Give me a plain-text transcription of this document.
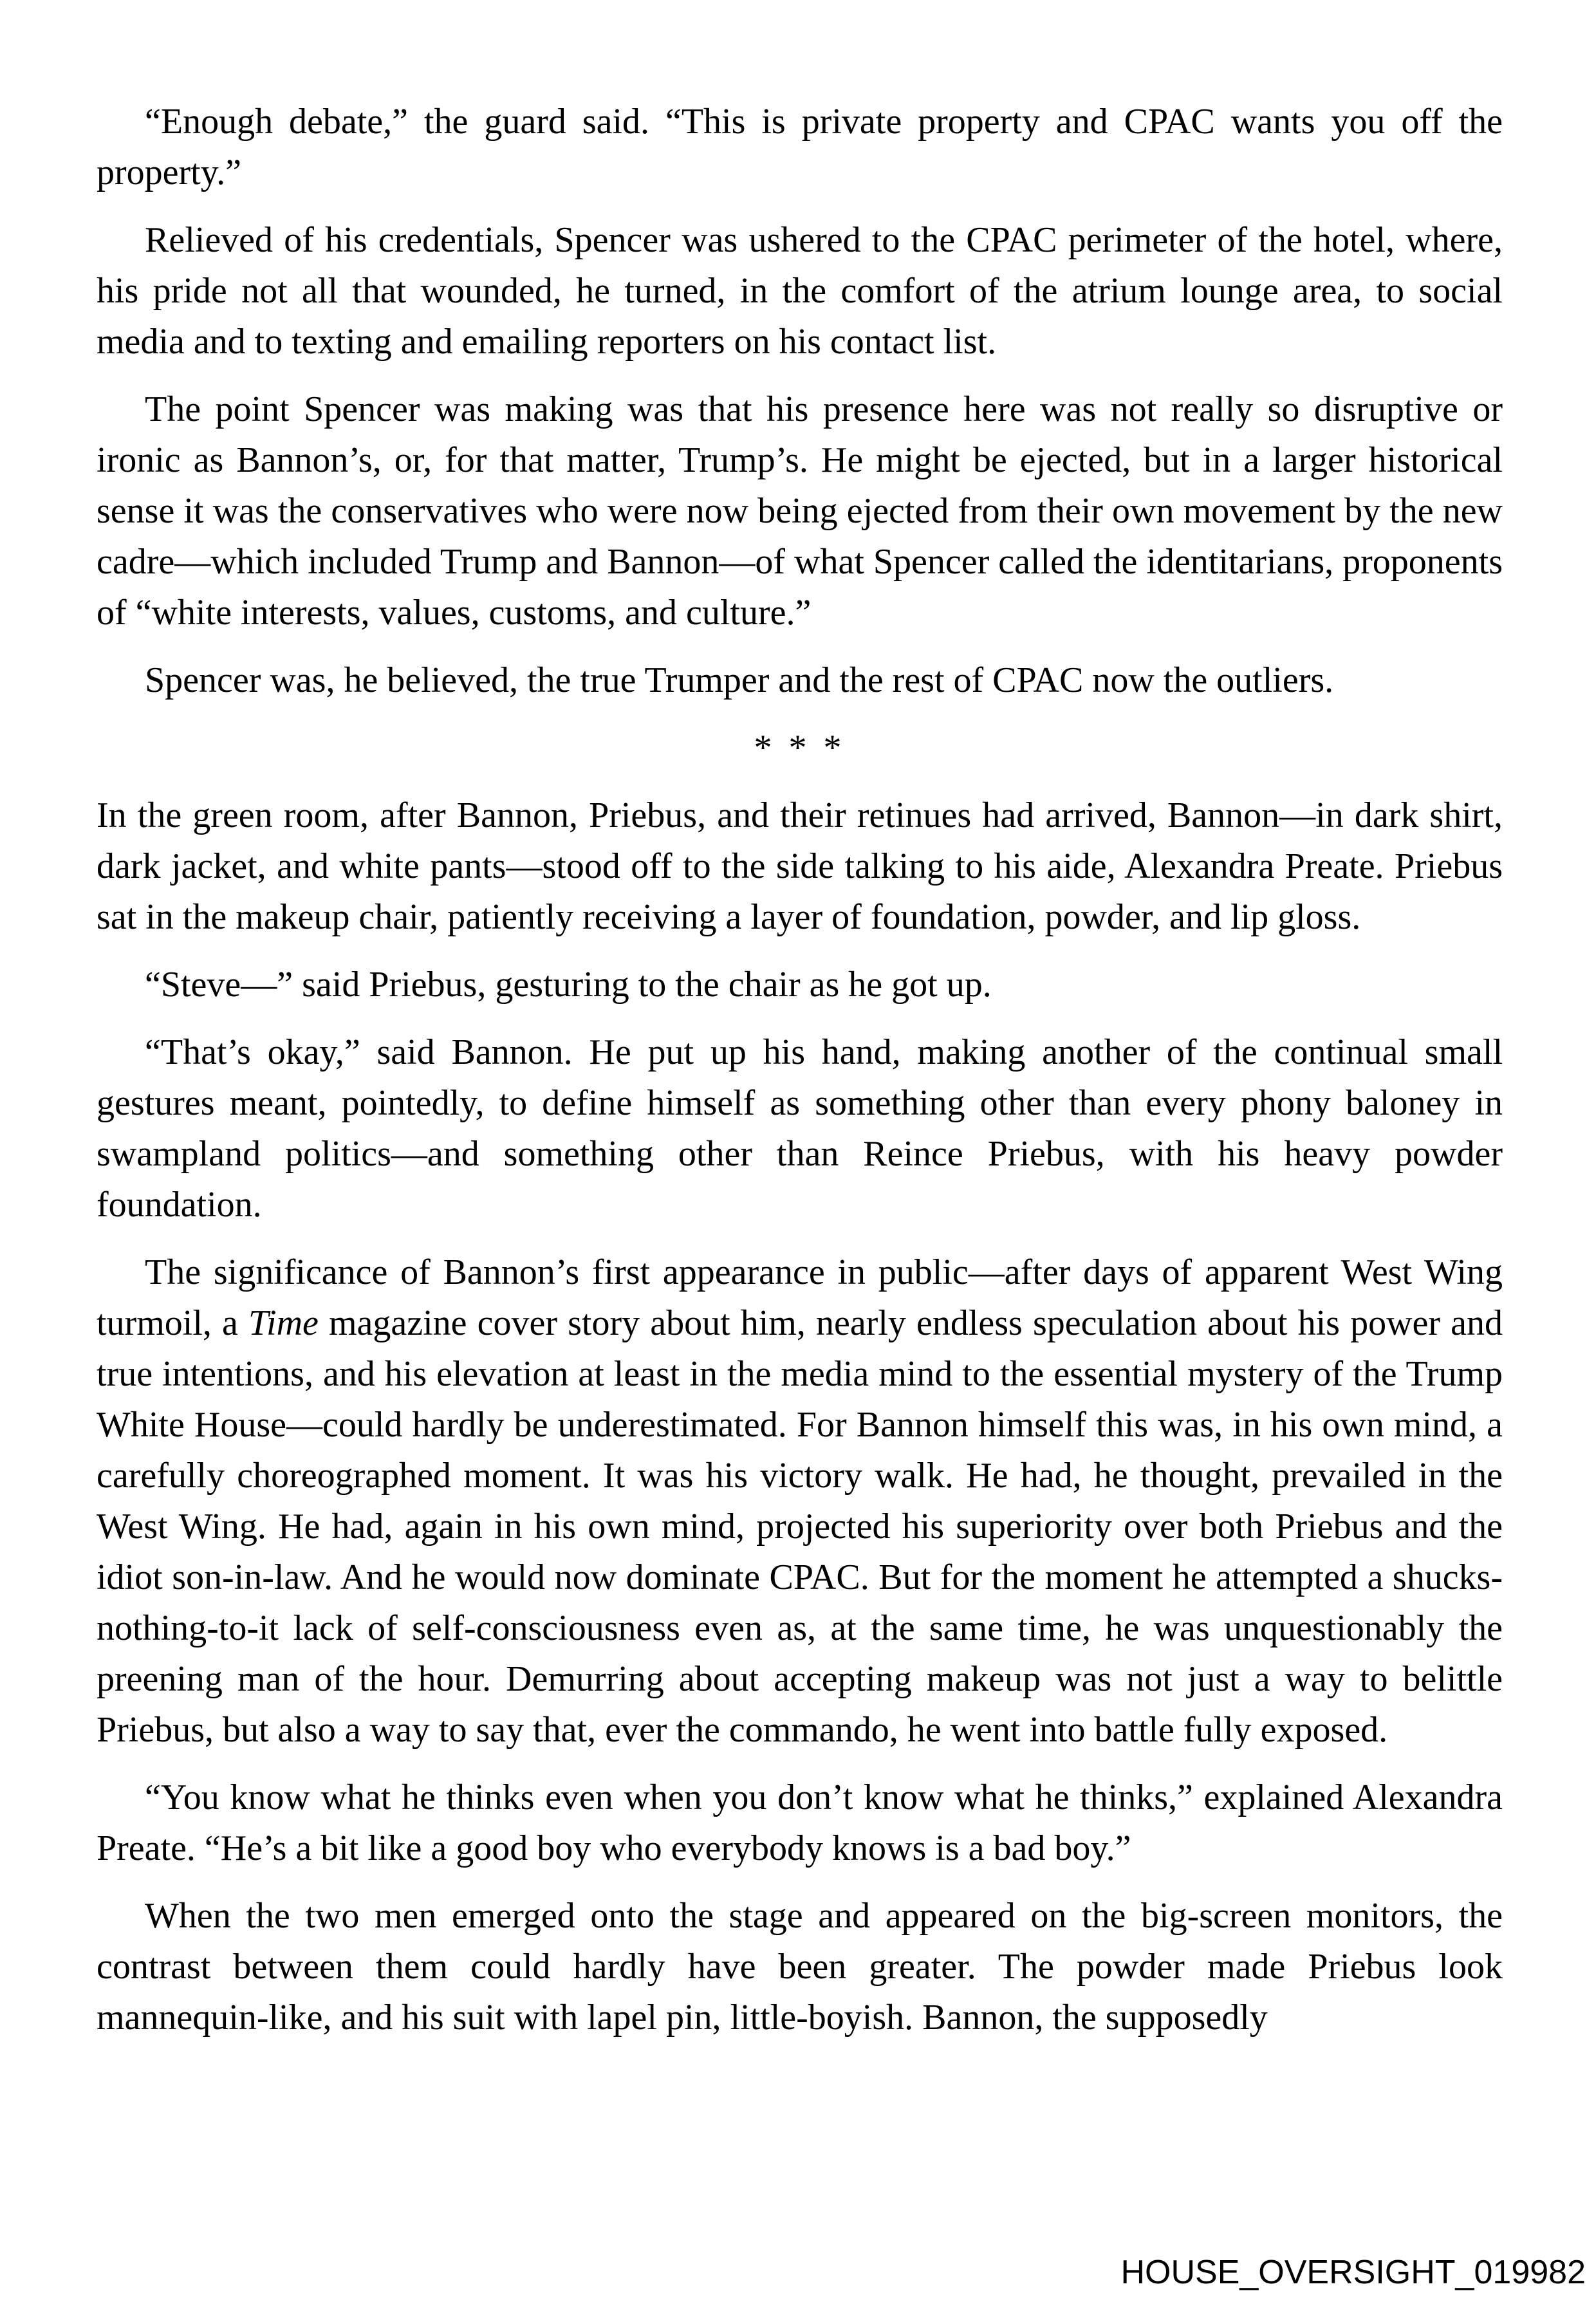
“Enough debate,” the guard said. “This is private property and CPAC wants you off the property.”

Relieved of his credentials, Spencer was ushered to the CPAC perimeter of the hotel, where, his pride not all that wounded, he turned, in the comfort of the atrium lounge area, to social media and to texting and emailing reporters on his contact list.

The point Spencer was making was that his presence here was not really so disruptive or ironic as Bannon’s, or, for that matter, Trump’s. He might be ejected, but in a larger historical sense it was the conservatives who were now being ejected from their own movement by the new cadre—which included Trump and Bannon—of what Spencer called the identitarians, proponents of “white interests, values, customs, and culture.”

Spencer was, he believed, the true Trumper and the rest of CPAC now the outliers.

* * *

In the green room, after Bannon, Priebus, and their retinues had arrived, Bannon—in dark shirt, dark jacket, and white pants—stood off to the side talking to his aide, Alexandra Preate. Priebus sat in the makeup chair, patiently receiving a layer of foundation, powder, and lip gloss.

“Steve—” said Priebus, gesturing to the chair as he got up.

“That’s okay,” said Bannon. He put up his hand, making another of the continual small gestures meant, pointedly, to define himself as something other than every phony baloney in swampland politics—and something other than Reince Priebus, with his heavy powder foundation.

The significance of Bannon’s first appearance in public—after days of apparent West Wing turmoil, a Time magazine cover story about him, nearly endless speculation about his power and true intentions, and his elevation at least in the media mind to the essential mystery of the Trump White House—could hardly be underestimated. For Bannon himself this was, in his own mind, a carefully choreographed moment. It was his victory walk. He had, he thought, prevailed in the West Wing. He had, again in his own mind, projected his superiority over both Priebus and the idiot son-in-law. And he would now dominate CPAC. But for the moment he attempted a shucks-nothing-to-it lack of self-consciousness even as, at the same time, he was unquestionably the preening man of the hour. Demurring about accepting makeup was not just a way to belittle Priebus, but also a way to say that, ever the commando, he went into battle fully exposed.

“You know what he thinks even when you don’t know what he thinks,” explained Alexandra Preate. “He’s a bit like a good boy who everybody knows is a bad boy.”

When the two men emerged onto the stage and appeared on the big-screen monitors, the contrast between them could hardly have been greater. The powder made Priebus look mannequin-like, and his suit with lapel pin, little-boyish. Bannon, the supposedly

HOUSE_OVERSIGHT_019982
